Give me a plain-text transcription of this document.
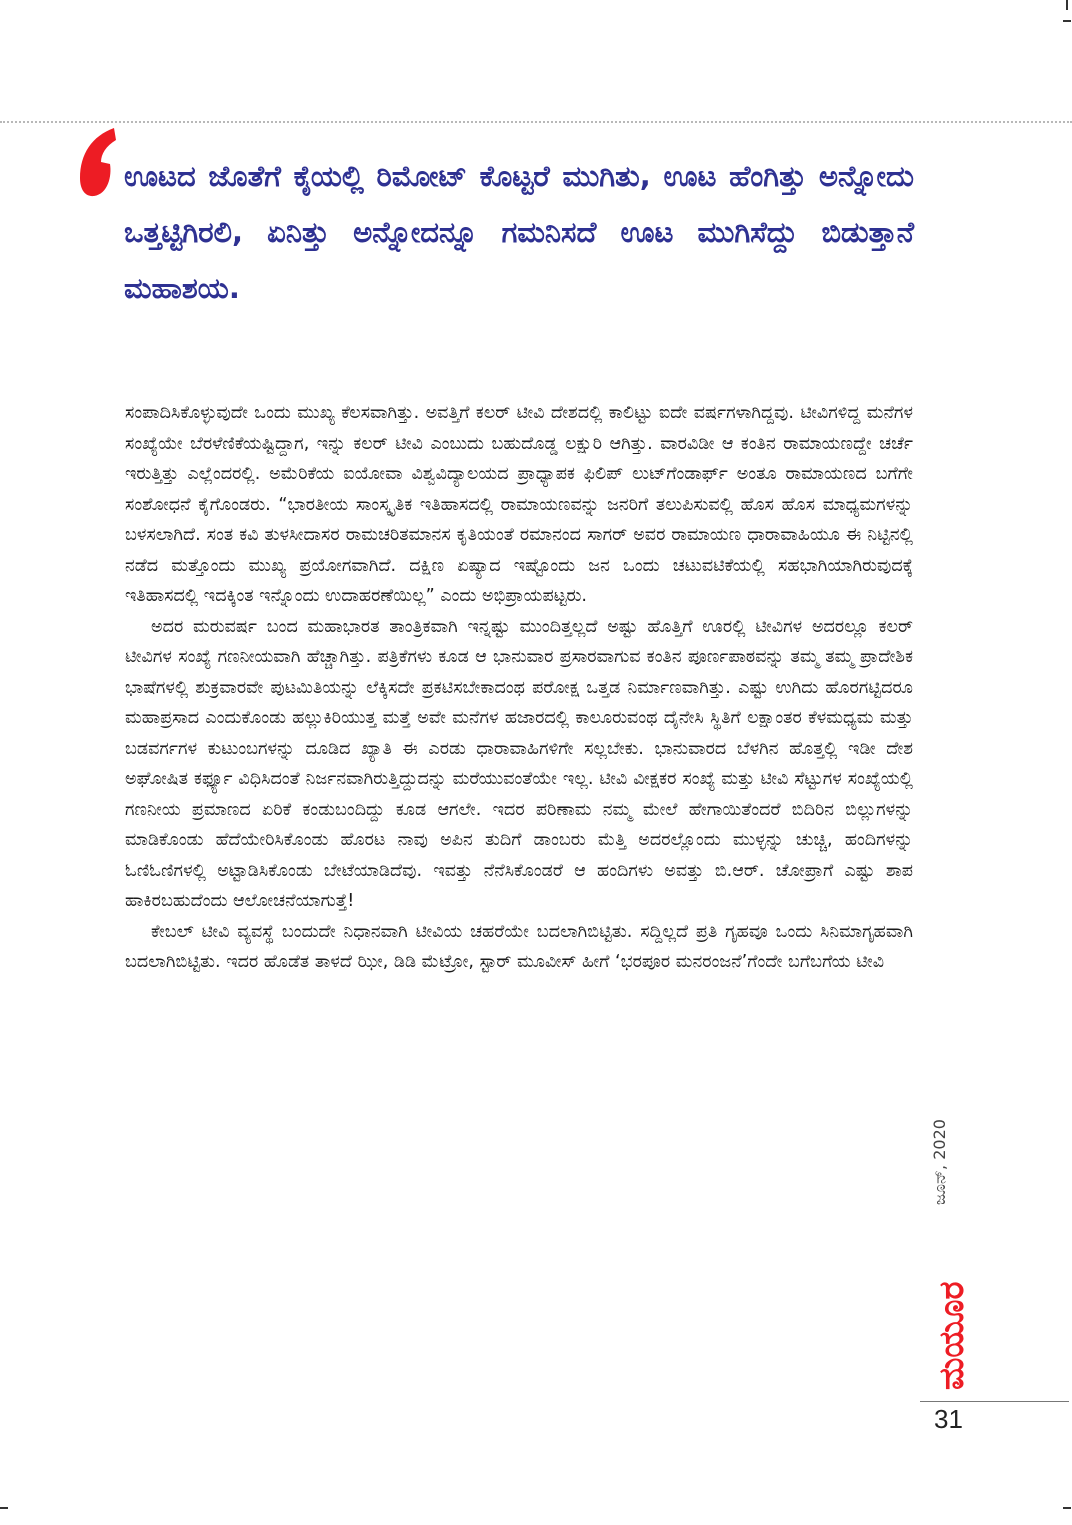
ಊಟದ ಜೊತೆಗೆ ಕೈಯಲ್ಲಿ ರಿಮೋಟ್ ಕೊಟ್ಟರೆ ಮುಗಿತು, ಊಟ ಹೆಂಗಿತ್ತು ಅನ್ನೋದು ಒತ್ತಟ್ಟಿಗಿರಲಿ, ಏನಿತ್ತು ಅನ್ನೋದನ್ನೂ ಗಮನಿಸದೆ ಊಟ ಮುಗಿಸೆದ್ದು ಬಿಡುತ್ತಾನೆ ಮಹಾಶಯ.

ಸಂಪಾದಿಸಿಕೊಳ್ಳುವುದೇ ಒಂದು ಮುಖ್ಯ ಕೆಲಸವಾಗಿತ್ತು. ಅವತ್ತಿಗೆ ಕಲರ್ ಟೀವಿ ದೇಶದಲ್ಲಿ ಕಾಲಿಟ್ಟು ಐದೇ ವರ್ಷಗಳಾಗಿದ್ದವು. ಟೀವಿಗಳಿದ್ದ ಮನೆಗಳ ಸಂಖ್ಯೆಯೇ ಬೆರಳೆಣಿಕೆಯಷ್ಟಿದ್ದಾಗ, ಇನ್ನು ಕಲರ್ ಟೀವಿ ಎಂಬುದು ಬಹುದೊಡ್ಡ ಲಕ್ಷುರಿ ಆಗಿತ್ತು. ವಾರವಿಡೀ ಆ ಕಂತಿನ ರಾಮಾಯಣದ್ದೇ ಚರ್ಚೆ ಇರುತ್ತಿತ್ತು ಎಲ್ಲೆಂದರಲ್ಲಿ. ಅಮೆರಿಕೆಯ ಐಯೋವಾ ವಿಶ್ವವಿದ್ಯಾಲಯದ ಪ್ರಾಧ್ಯಾಪಕ ಫಿಲಿಪ್ ಲುಟ್‌ಗೆಂಡಾರ್ಫ್ ಅಂತೂ ರಾಮಾಯಣದ ಬಗೆಗೇ ಸಂಶೋಧನೆ ಕೈಗೊಂಡರು. “ಭಾರತೀಯ ಸಾಂಸ್ಕೃತಿಕ ಇತಿಹಾಸದಲ್ಲಿ ರಾಮಾಯಣವನ್ನು ಜನರಿಗೆ ತಲುಪಿಸುವಲ್ಲಿ ಹೊಸ ಹೊಸ ಮಾಧ್ಯಮಗಳನ್ನು ಬಳಸಲಾಗಿದೆ. ಸಂತ ಕವಿ ತುಳಸೀದಾಸರ ರಾಮಚರಿತಮಾನಸ ಕೃತಿಯಂತೆ ರಮಾನಂದ ಸಾಗರ್ ಅವರ ರಾಮಾಯಣ ಧಾರಾವಾಹಿಯೂ ಈ ನಿಟ್ಟಿನಲ್ಲಿ ನಡೆದ ಮತ್ತೊಂದು ಮುಖ್ಯ ಪ್ರಯೋಗವಾಗಿದೆ. ದಕ್ಷಿಣ ಏಷ್ಯಾದ ಇಷ್ಟೊಂದು ಜನ ಒಂದು ಚಟುವಟಿಕೆಯಲ್ಲಿ ಸಹಭಾಗಿಯಾಗಿರುವುದಕ್ಕೆ ಇತಿಹಾಸದಲ್ಲಿ ಇದಕ್ಕಿಂತ ಇನ್ನೊಂದು ಉದಾಹರಣೆಯಿಲ್ಲ” ಎಂದು ಅಭಿಪ್ರಾಯಪಟ್ಟರು.

ಅದರ ಮರುವರ್ಷ ಬಂದ ಮಹಾಭಾರತ ತಾಂತ್ರಿಕವಾಗಿ ಇನ್ನಷ್ಟು ಮುಂದಿತ್ತಲ್ಲದೆ ಅಷ್ಟು ಹೊತ್ತಿಗೆ ಊರಲ್ಲಿ ಟೀವಿಗಳ ಅದರಲ್ಲೂ ಕಲರ್ ಟೀವಿಗಳ ಸಂಖ್ಯೆ ಗಣನೀಯವಾಗಿ ಹೆಚ್ಚಾಗಿತ್ತು. ಪತ್ರಿಕೆಗಳು ಕೂಡ ಆ ಭಾನುವಾರ ಪ್ರಸಾರವಾಗುವ ಕಂತಿನ ಪೂರ್ಣಪಾಠವನ್ನು ತಮ್ಮ ತಮ್ಮ ಪ್ರಾದೇಶಿಕ ಭಾಷೆಗಳಲ್ಲಿ ಶುಕ್ರವಾರವೇ ಪುಟಮಿತಿಯನ್ನು ಲೆಕ್ಕಿಸದೇ ಪ್ರಕಟಿಸಬೇಕಾದಂಥ ಪರೋಕ್ಷ ಒತ್ತಡ ನಿರ್ಮಾಣವಾಗಿತ್ತು. ಎಷ್ಟು ಉಗಿದು ಹೊರಗಟ್ಟಿದರೂ ಮಹಾಪ್ರಸಾದ ಎಂದುಕೊಂಡು ಹಲ್ಲುಕಿರಿಯುತ್ತ ಮತ್ತೆ ಅವೇ ಮನೆಗಳ ಹಜಾರದಲ್ಲಿ ಕಾಲೂರುವಂಥ ದೈನೇಸಿ ಸ್ಥಿತಿಗೆ ಲಕ್ಷಾಂತರ ಕೆಳಮಧ್ಯಮ ಮತ್ತು ಬಡವರ್ಗಗಳ ಕುಟುಂಬಗಳನ್ನು ದೂಡಿದ ಖ್ಯಾತಿ ಈ ಎರಡು ಧಾರಾವಾಹಿಗಳಿಗೇ ಸಲ್ಲಬೇಕು. ಭಾನುವಾರದ ಬೆಳಗಿನ ಹೊತ್ತಲ್ಲಿ ಇಡೀ ದೇಶ ಅಘೋಷಿತ ಕರ್ಫ್ಯೂ ವಿಧಿಸಿದಂತೆ ನಿರ್ಜನವಾಗಿರುತ್ತಿದ್ದುದನ್ನು ಮರೆಯುವಂತೆಯೇ ಇಲ್ಲ. ಟೀವಿ ವೀಕ್ಷಕರ ಸಂಖ್ಯೆ ಮತ್ತು ಟೀವಿ ಸೆಟ್ಟುಗಳ ಸಂಖ್ಯೆಯಲ್ಲಿ ಗಣನೀಯ ಪ್ರಮಾಣದ ಏರಿಕೆ ಕಂಡುಬಂದಿದ್ದು ಕೂಡ ಆಗಲೇ. ಇದರ ಪರಿಣಾಮ ನಮ್ಮ ಮೇಲೆ ಹೇಗಾಯಿತೆಂದರೆ ಬಿದಿರಿನ ಬಿಲ್ಲುಗಳನ್ನು ಮಾಡಿಕೊಂಡು ಹೆದೆಯೇರಿಸಿಕೊಂಡು ಹೊರಟ ನಾವು ಅಪಿನ ತುದಿಗೆ ಡಾಂಬರು ಮೆತ್ತಿ ಅದರಲ್ಲೊಂದು ಮುಳ್ಳನ್ನು ಚುಚ್ಚಿ, ಹಂದಿಗಳನ್ನು ಓಣಿಓಣಿಗಳಲ್ಲಿ ಅಟ್ಟಾಡಿಸಿಕೊಂಡು ಬೇಟೆಯಾಡಿದೆವು. ಇವತ್ತು ನೆನೆಸಿಕೊಂಡರೆ ಆ ಹಂದಿಗಳು ಅವತ್ತು ಬಿ.ಆರ್. ಚೋಪ್ರಾಗೆ ಎಷ್ಟು ಶಾಪ ಹಾಕಿರಬಹುದೆಂದು ಆಲೋಚನೆಯಾಗುತ್ತೆ!

ಕೇಬಲ್ ಟೀವಿ ವ್ಯವಸ್ಥೆ ಬಂದುದೇ ನಿಧಾನವಾಗಿ ಟೀವಿಯ ಚಹರೆಯೇ ಬದಲಾಗಿಬಿಟ್ಟಿತು. ಸದ್ದಿಲ್ಲದೆ ಪ್ರತಿ ಗೃಹವೂ ಒಂದು ಸಿನಿಮಾಗೃಹವಾಗಿ ಬದಲಾಗಿಬಿಟ್ಟಿತು. ಇದರ ಹೊಡೆತ ತಾಳದೆ ಝೀ, ಡಿಡಿ ಮೆಟ್ರೋ, ಸ್ಟಾರ್ ಮೂವೀಸ್ ಹೀಗೆ ‘ಭರಪೂರ ಮನರಂಜನೆ’ಗೆಂದೇ ಬಗೆಬಗೆಯ ಟೀವಿ

ಜೂನ್, 2020
ಮಯೂರ
31
